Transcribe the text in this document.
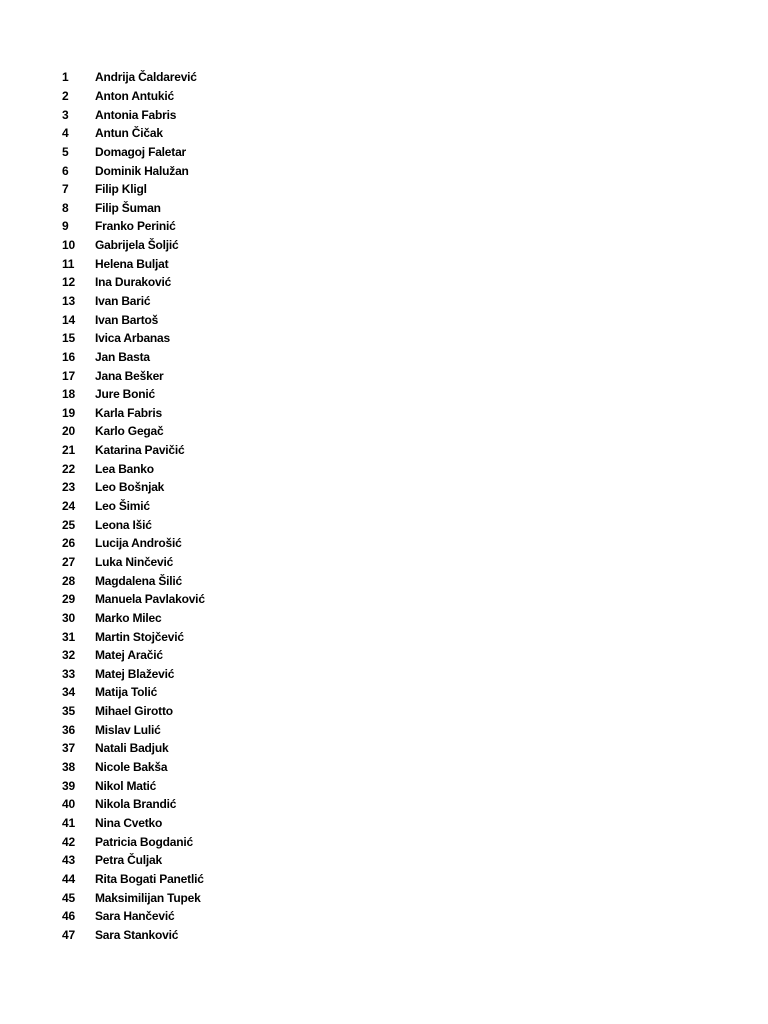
1	Andrija Čaldarević
2	Anton Antukić
3	Antonia Fabris
4	Antun Čičak
5	Domagoj Faletar
6	Dominik Halužan
7	Filip Kligl
8	Filip Šuman
9	Franko Perinić
10	Gabrijela Šoljić
11	Helena Buljat
12	Ina Duraković
13	Ivan Barić
14	Ivan Bartoš
15	Ivica Arbanas
16	Jan Basta
17	Jana Bešker
18	Jure Bonić
19	Karla Fabris
20	Karlo Gegač
21	Katarina Pavičić
22	Lea Banko
23	Leo Bošnjak
24	Leo Šimić
25	Leona Išić
26	Lucija Androšić
27	Luka Ninčević
28	Magdalena Šilić
29	Manuela Pavlaković
30	Marko Milec
31	Martin Stojčević
32	Matej Aračić
33	Matej Blažević
34	Matija Tolić
35	Mihael Girotto
36	Mislav Lulić
37	Natali Badjuk
38	Nicole Bakša
39	Nikol Matić
40	Nikola Brandić
41	Nina Cvetko
42	Patricia Bogdanić
43	Petra Čuljak
44	Rita Bogati Panetlić
45	Maksimilijan Tupek
46	Sara Hančević
47	Sara Stanković
